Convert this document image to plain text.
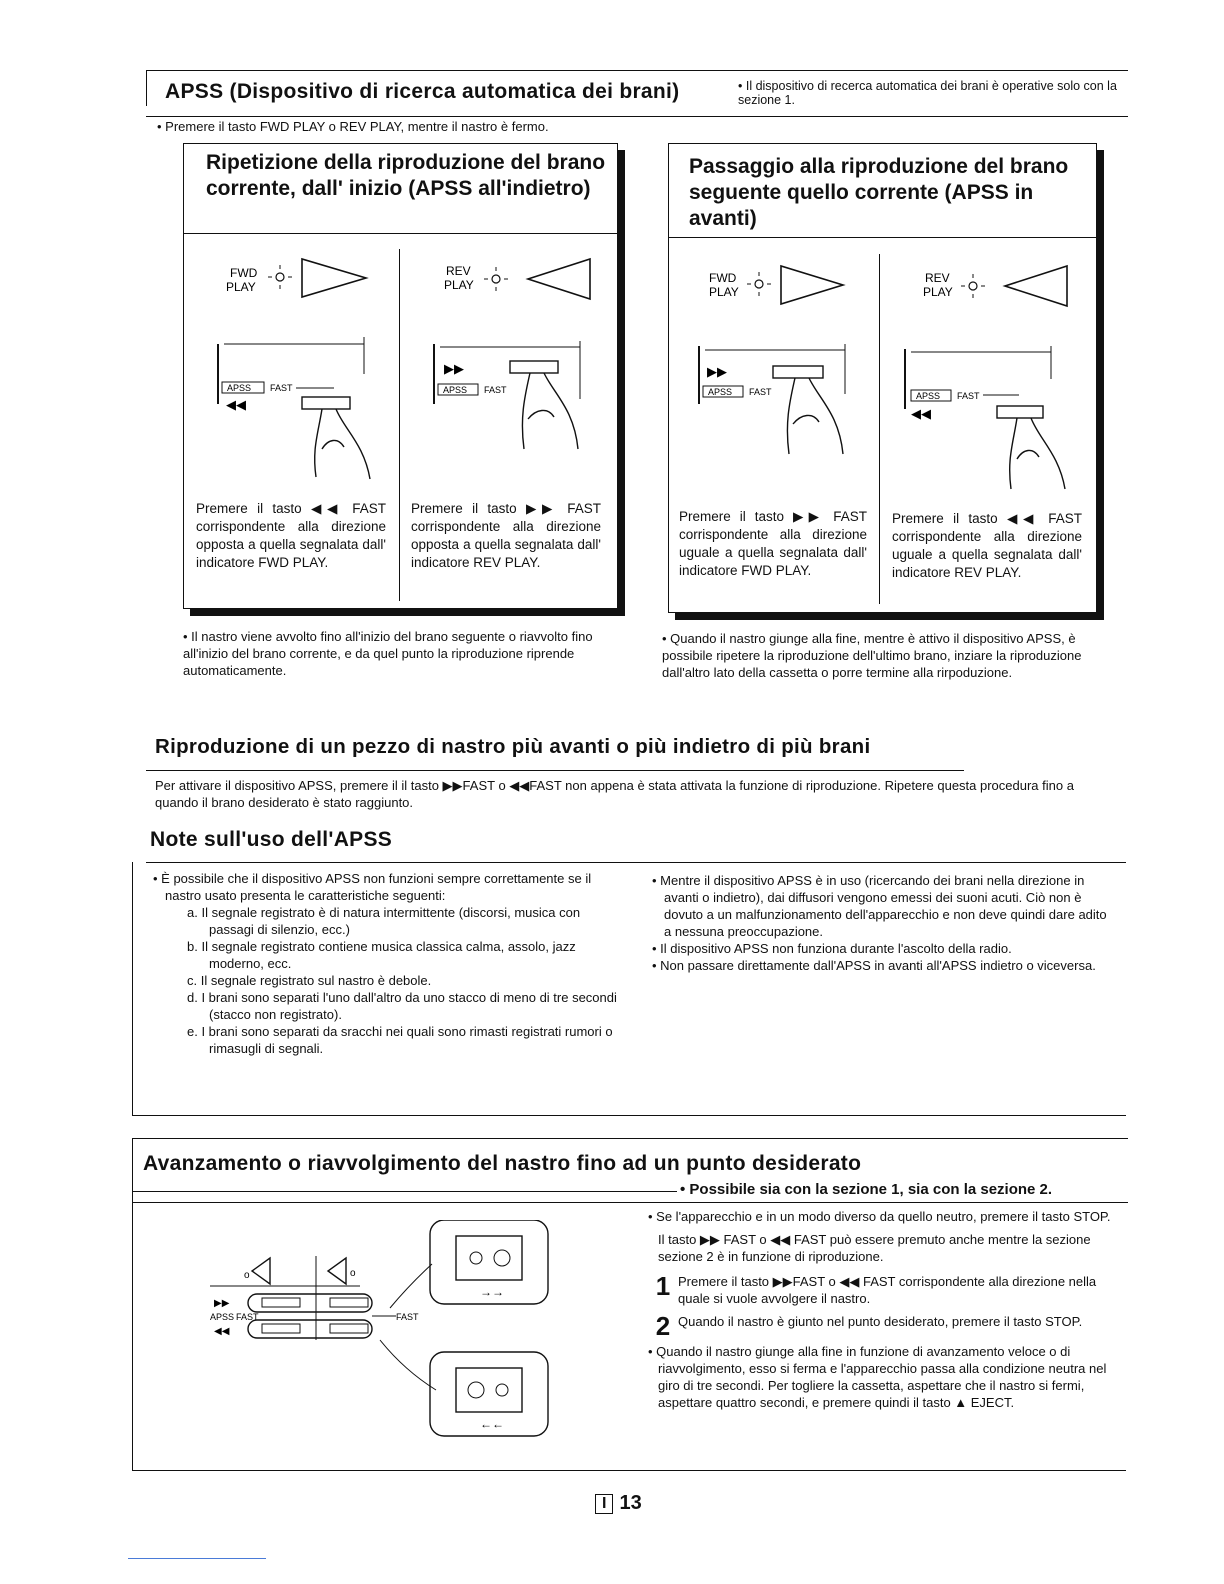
APSS (Dispositivo di ricerca automatica dei brani)
•	Il dispositivo di recerca automatica dei brani è operative solo con la sezione 1.
• Premere il tasto FWD PLAY o REV PLAY, mentre il nastro è fermo.
Ripetizione della riproduzione del brano corrente, dall' inizio (APSS all'indietro)
FWD
PLAY
APSS FAST
◀◀
REV
PLAY
▶▶
APSS FAST
Premere il tasto ◀◀ FAST corrispondente alla direzione opposta a quella segnalata dall' indicatore FWD PLAY.
Premere il tasto ▶▶ FAST corrispondente alla direzione opposta a quella segnalata dall' indicatore REV PLAY.
• Il nastro viene avvolto fino all'inizio del brano seguente o riavvolto fino all'inizio del brano corrente, e da quel punto la riproduzione riprende automaticamente.
Passaggio alla riproduzione del brano seguente quello corrente (APSS in avanti)
FWD
PLAY
▶▶
APSS FAST
REV
PLAY
APSS FAST
◀◀
Premere il tasto ▶▶ FAST corrispondente alla direzione uguale a quella segnalata dall' indicatore FWD PLAY.
Premere il tasto ◀◀ FAST corrispondente alla direzione uguale a quella segnalata dall' indicatore REV PLAY.
• Quando il nastro giunge alla fine, mentre è attivo il dispositivo APSS, è possibile ripetere la riproduzione dell'ultimo brano, inziare la riproduzione dall'altro lato della cassetta o porre termine alla rirpoduzione.
Riproduzione di un pezzo di nastro più avanti o più indietro di più brani
Per attivare il dispositivo APSS, premere il il tasto ▶▶FAST o ◀◀FAST non appena è stata attivata la funzione di riproduzione. Ripetere questa procedura fino a quando il brano desiderato è stato raggiunto.
Note sull'uso dell'APSS
• È possibile che il dispositivo APSS non funzioni sempre correttamente se il nastro usato presenta le caratteristiche seguenti:
a. Il segnale registrato è di natura intermittente (discorsi, musica con passagi di silenzio, ecc.)
b. Il segnale registrato contiene musica classica calma, assolo, jazz moderno, ecc.
c. Il segnale registrato sul nastro è debole.
d. I brani sono separati l'uno dall'altro da uno stacco di meno di tre secondi (stacco non registrato).
e. I brani sono separati da sracchi nei quali sono rimasti registrati rumori o rimasugli di segnali.
• Mentre il dispositivo APSS è in uso (ricercando dei brani nella direzione in avanti o indietro), dai diffusori vengono emessi dei suoni acuti. Ciò non è dovuto a un malfunzionamento dell'apparecchio e non deve quindi dare adito a nessuna preoccupazione.
• Il dispositivo APSS non funziona durante l'ascolto della radio.
• Non passare direttamente dall'APSS in avanti all'APSS indietro o viceversa.
Avanzamento o riavvolgimento del nastro fino ad un punto desiderato
• Possibile sia con la sezione 1, sia con la sezione 2.
→→
o	o
▶▶
APSS FAST
◀◀
FAST
←←
• Se l'apparecchio e in un modo diverso da quello neutro, premere il tasto STOP.
Il tasto ▶▶ FAST o ◀◀ FAST può essere premuto anche mentre la sezione sezione 2 è in funzione di riproduzione.
1 Premere il tasto ▶▶FAST o ◀◀ FAST corrispondente alla direzione nella quale si vuole avvolgere il nastro.
2 Quando il nastro è giunto nel punto desiderato, premere il tasto STOP.
• Quando il nastro giunge alla fine in funzione di avanzamento veloce o di riavvolgimento, esso si ferma e l'apparecchio passa alla condizione neutra nel giro di tre secondi. Per togliere la cassetta, aspettare che il nastro si fermi, aspettare quattro secondi, e premere quindi il tasto ▲ EJECT.
I 13
